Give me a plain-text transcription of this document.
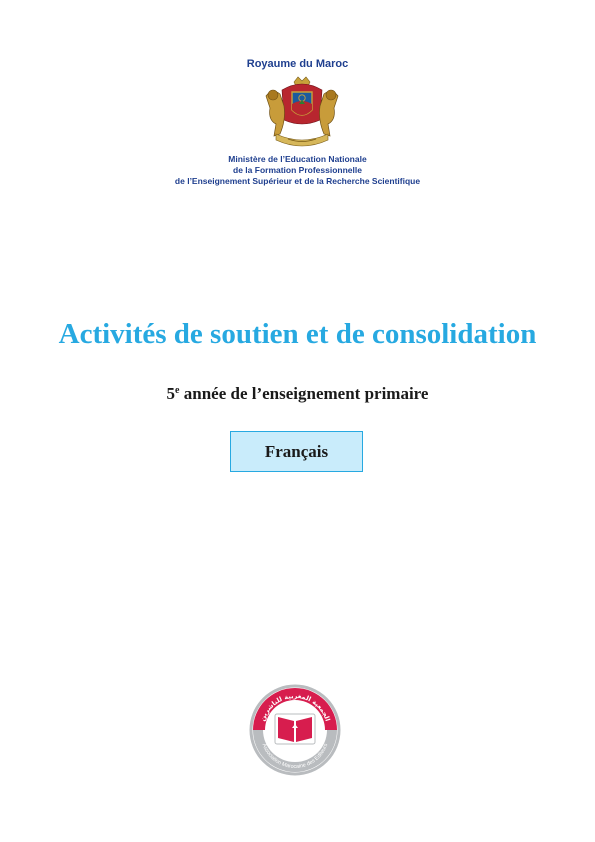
Royaume du Maroc
Ministère de l’Education Nationale
de la Formation Professionnelle
de l’Enseignement Supérieur et de la Recherche Scientifique
Activités de soutien et de consolidation
5e année de l’enseignement primaire
Français
الجمعية المغربية للناشرين
Association Marocaine des Editeurs
